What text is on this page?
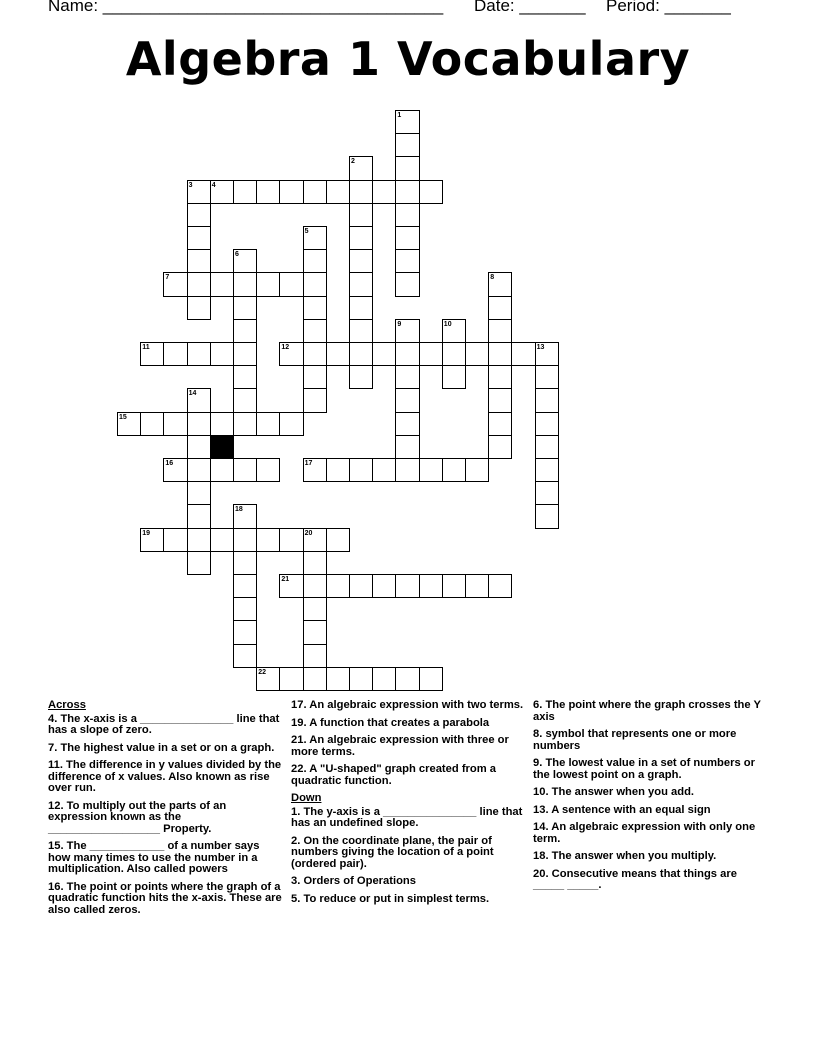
Name: ____________________________________ Date: _______ Period: _______
Algebra 1 Vocabulary
1
2
3	4
5
6
7	8
9	10
11	12	13
14
15
16	17
18
19	20
21
22

Across

4. The x-axis is a _______________ line that has a slope of zero.

7. The highest value in a set or on a graph.

11. The difference in y values divided by the difference of x values. Also known as rise over run.

12. To multiply out the parts of an expression known as the __________________ Property.

15. The ____________ of a number says how many times to use the number in a multiplication. Also called powers

16. The point or points where the graph of a quadratic function hits the x-axis. These are also called zeros.

17. An algebraic expression with two terms.

19. A function that creates a parabola

21. An algebraic expression with three or more terms.

22. A "U-shaped" graph created from a quadratic function.

Down

1. The y-axis is a _______________ line that has an undefined slope.

2. On the coordinate plane, the pair of numbers giving the location of a point (ordered pair).

3. Orders of Operations

5. To reduce or put in simplest terms.

6. The point where the graph crosses the Y axis

8. symbol that represents one or more numbers

9. The lowest value in a set of numbers or the lowest point on a graph.

10. The answer when you add.

13. A sentence with an equal sign

14. An algebraic expression with only one term.

18. The answer when you multiply.

20. Consecutive means that things are _____ _____.
